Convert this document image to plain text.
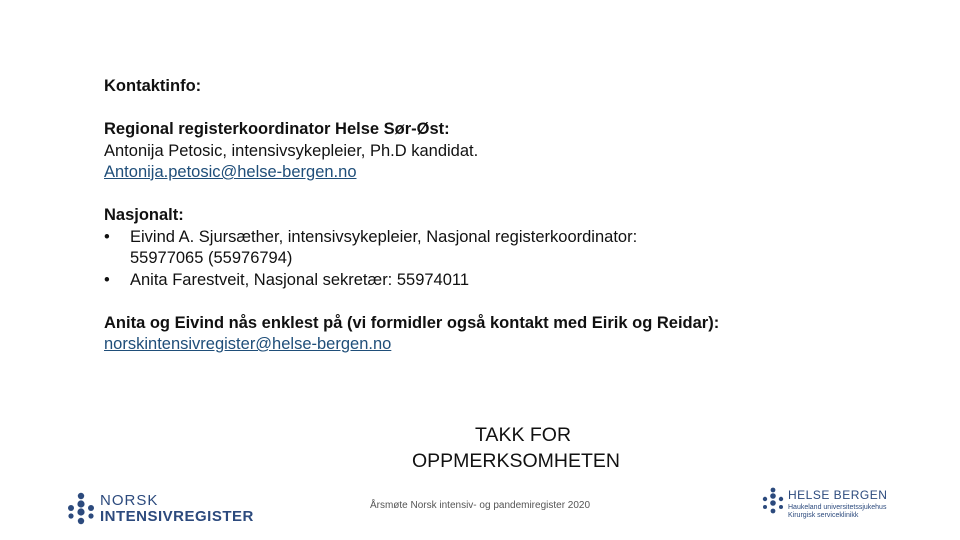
Kontaktinfo:
Regional registerkoordinator Helse Sør-Øst:
Antonija Petosic, intensivsykepleier, Ph.D kandidat.
Antonija.petosic@helse-bergen.no
Nasjonalt:
•	Eivind A. Sjursæther, intensivsykepleier, Nasjonal registerkoordinator:
55977065 (55976794)
•	Anita Farestveit, Nasjonal sekretær: 55974011
Anita og Eivind nås enklest på (vi formidler også kontakt med Eirik og Reidar):
norskintensivregister@helse-bergen.no
TAKK FOR
OPPMERKSOMHETEN
Årsmøte Norsk intensiv- og pandemiregister 2020
NORSK
INTENSIVREGISTER
HELSE BERGEN
Haukeland universitetssjukehus
Kirurgisk serviceklinikk
